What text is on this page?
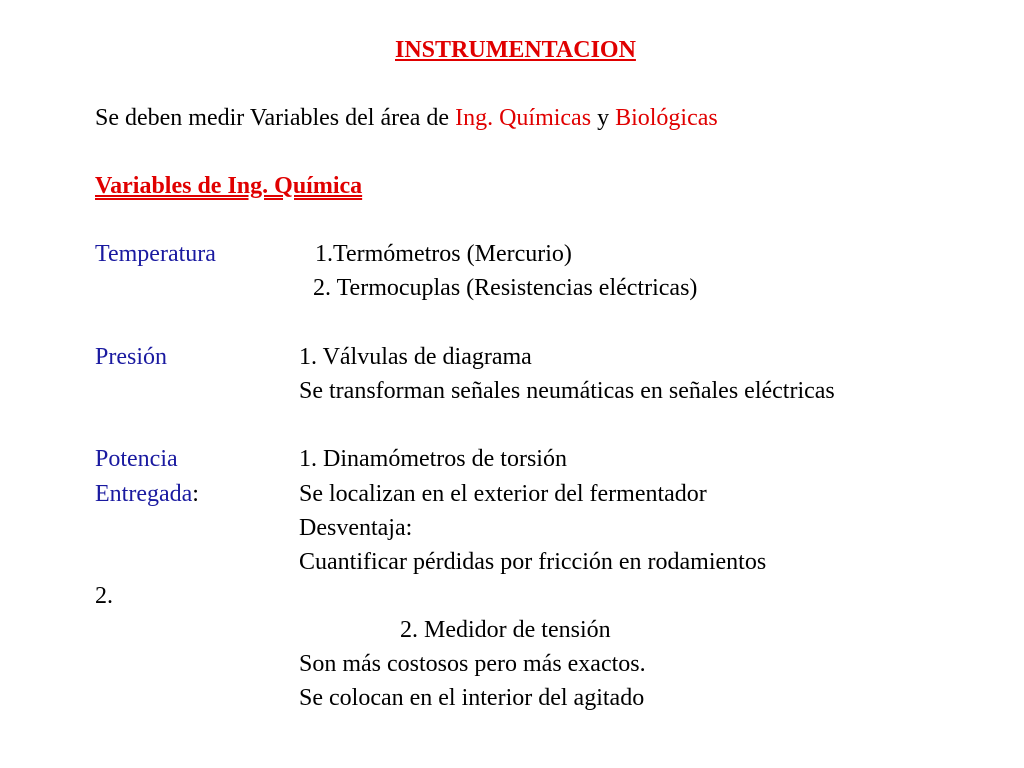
INSTRUMENTACION
Se deben medir Variables del área de Ing. Químicas y Biológicas
Variables de Ing. Química
Temperatura	1.Termómetros (Mercurio)
2. Termocuplas (Resistencias eléctricas)
Presión	1. Válvulas de diagrama
Se transforman señales neumáticas en señales eléctricas
Potencia	1. Dinamómetros de torsión
Entregada:	Se localizan en el exterior del fermentador
Desventaja:
Cuantificar pérdidas por fricción en rodamientos
2.
2. Medidor de tensión
Son más costosos pero más exactos.
Se colocan en el interior del agitado
